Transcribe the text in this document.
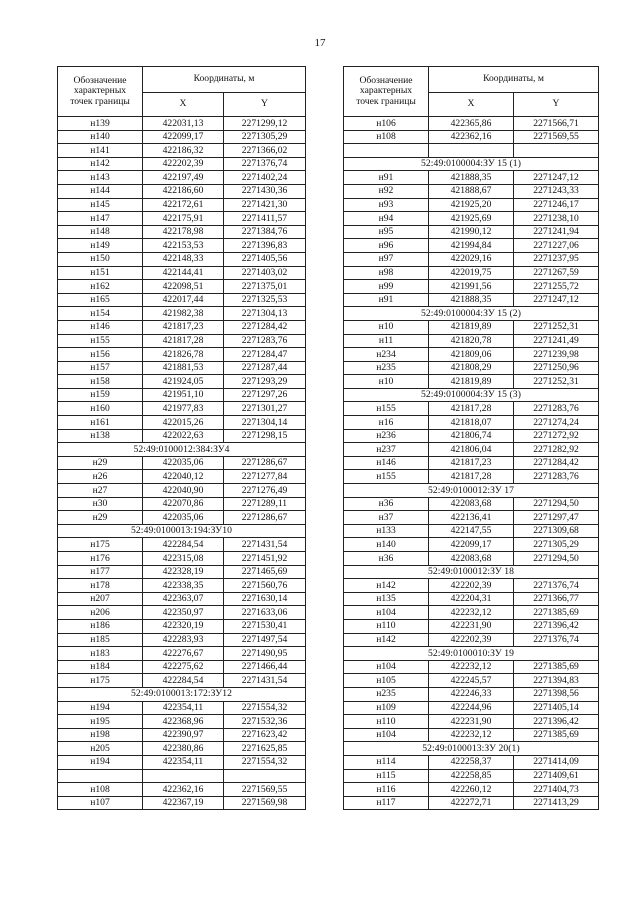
17
Обозначение
характерных
точек границы	Координаты, м	
	X	Y
н139	422031,13	2271299,12
н140	422099,17	2271305,29
н141	422186,32	2271366,02
н142	422202,39	2271376,74
н143	422197,49	2271402,24
н144	422186,60	2271430,36
н145	422172,61	2271421,30
н147	422175,91	2271411,57
н148	422178,98	2271384,76
н149	422153,53	2271396,83
н150	422148,33	2271405,56
н151	422144,41	2271403,02
н162	422098,51	2271375,01
н165	422017,44	2271325,53
н154	421982,38	2271304,13
н146	421817,23	2271284,42
н155	421817,28	2271283,76
н156	421826,78	2271284,47
н157	421881,53	2271287,44
н158	421924,05	2271293,29
н159	421951,10	2271297,26
н160	421977,83	2271301,27
н161	422015,26	2271304,14
н138	422022,63	2271298,15
52:49:0100012:384:ЗУ4		
н29	422035,06	2271286,67
н26	422040,12	2271277,84
н27	422040,90	2271276,49
н30	422070,86	2271289,11
н29	422035,06	2271286,67
52:49:0100013:194:ЗУ10		
н175	422284,54	2271431,54
н176	422315,08	2271451,92
н177	422328,19	2271465,69
н178	422338,35	2271560,76
н207	422363,07	2271630,14
н206	422350,97	2271633,06
н186	422320,19	2271530,41
н185	422283,93	2271497,54
н183	422276,67	2271490,95
н184	422275,62	2271466,44
н175	422284,54	2271431,54
52:49:0100013:172:ЗУ12		
н194	422354,11	2271554,32
н195	422368,96	2271532,36
н198	422390,97	2271623,42
н205	422380,86	2271625,85
н194	422354,11	2271554,32

н108	422362,16	2271569,55
н107	422367,19	2271569,98
Обозначение
характерных
точек границы	Координаты, м	
	X	Y
н106	422365,86	2271566,71
н108	422362,16	2271569,55

52:49:0100004:ЗУ 15 (1)		
н91	421888,35	2271247,12
н92	421888,67	2271243,33
н93	421925,20	2271246,17
н94	421925,69	2271238,10
н95	421990,12	2271241,94
н96	421994,84	2271227,06
н97	422029,16	2271237,95
н98	422019,75	2271267,59
н99	421991,56	2271255,72
н91	421888,35	2271247,12
52:49:0100004:ЗУ 15 (2)		
н10	421819,89	2271252,31
н11	421820,78	2271241,49
н234	421809,06	2271239,98
н235	421808,29	2271250,96
н10	421819,89	2271252,31
52:49:0100004:ЗУ 15 (3)		
н155	421817,28	2271283,76
н16	421818,07	2271274,24
н236	421806,74	2271272,92
н237	421806,04	2271282,92
н146	421817,23	2271284,42
н155	421817,28	2271283,76
52:49:0100012:ЗУ 17		
н36	422083,68	2271294,50
н37	422136,41	2271297,47
н133	422147,55	2271309,68
н140	422099,17	2271305,29
н36	422083,68	2271294,50
52:49:0100012:ЗУ 18		
н142	422202,39	2271376,74
н135	422204,31	2271366,77
н104	422232,12	2271385,69
н110	422231,90	2271396,42
н142	422202,39	2271376,74
52:49:0100010:ЗУ 19		
н104	422232,12	2271385,69
н105	422245,57	2271394,83
н235	422246,33	2271398,56
н109	422244,96	2271405,14
н110	422231,90	2271396,42
н104	422232,12	2271385,69
52:49:0100013:ЗУ 20(1)		
н114	422258,37	2271414,09
н115	422258,85	2271409,61
н116	422260,12	2271404,73
н117	422272,71	2271413,29
